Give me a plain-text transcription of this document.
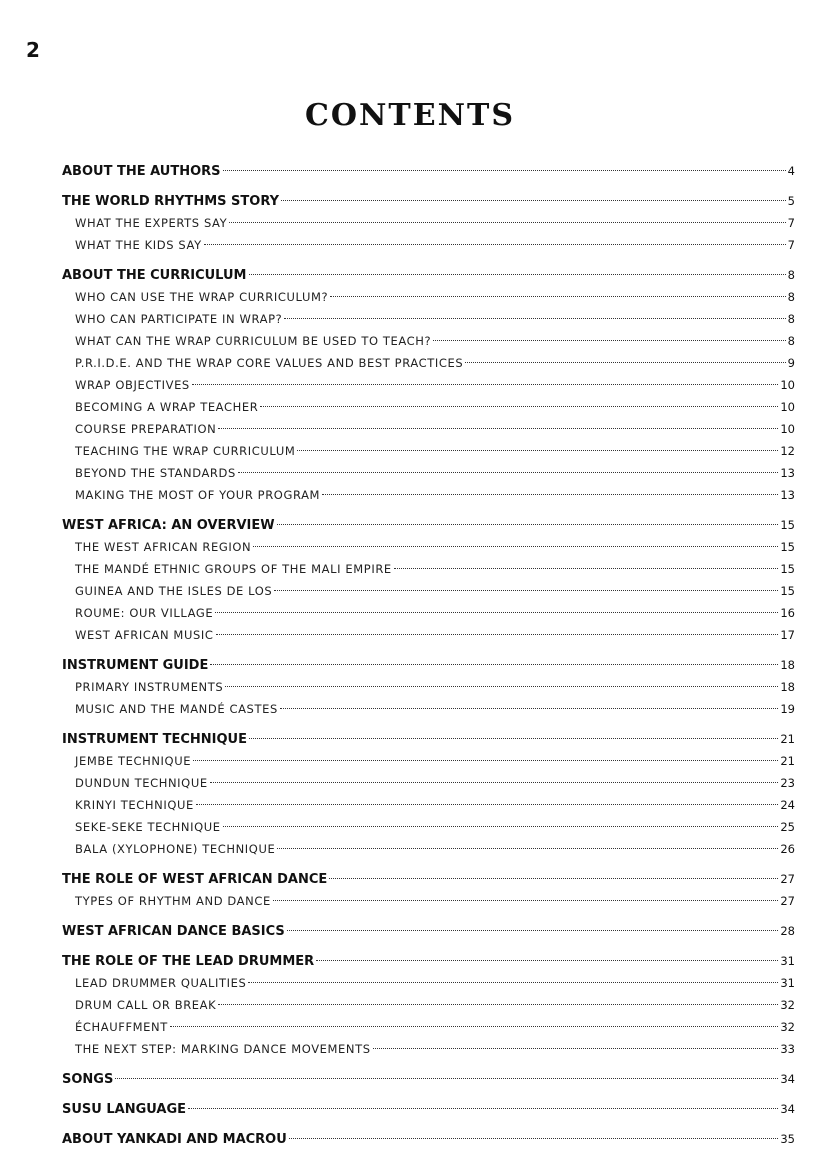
2
CONTENTS
ABOUT THE AUTHORS	4
THE WORLD RHYTHMS STORY	5
WHAT THE EXPERTS SAY	7
WHAT THE KIDS SAY	7
ABOUT THE CURRICULUM	8
WHO CAN USE THE WRAP CURRICULUM?	8
WHO CAN PARTICIPATE IN WRAP?	8
WHAT CAN THE WRAP CURRICULUM BE USED TO TEACH?	8
P.R.I.D.E. AND THE WRAP CORE VALUES AND BEST PRACTICES	9
WRAP OBJECTIVES	10
BECOMING A WRAP TEACHER	10
COURSE PREPARATION	10
TEACHING THE WRAP CURRICULUM	12
BEYOND THE STANDARDS	13
MAKING THE MOST OF YOUR PROGRAM	13
WEST AFRICA: AN OVERVIEW	15
THE WEST AFRICAN REGION	15
THE MANDÉ ETHNIC GROUPS OF THE MALI EMPIRE	15
GUINEA AND THE ISLES DE LOS	15
ROUME: OUR VILLAGE	16
WEST AFRICAN MUSIC	17
INSTRUMENT GUIDE	18
PRIMARY INSTRUMENTS	18
MUSIC AND THE MANDÉ CASTES	19
INSTRUMENT TECHNIQUE	21
JEMBE TECHNIQUE	21
DUNDUN TECHNIQUE	23
KRINYI TECHNIQUE	24
SEKE-SEKE TECHNIQUE	25
BALA (XYLOPHONE) TECHNIQUE	26
THE ROLE OF WEST AFRICAN DANCE	27
TYPES OF RHYTHM AND DANCE	27
WEST AFRICAN DANCE BASICS	28
THE ROLE OF THE LEAD DRUMMER	31
LEAD DRUMMER QUALITIES	31
DRUM CALL OR BREAK	32
ÉCHAUFFMENT	32
THE NEXT STEP: MARKING DANCE MOVEMENTS	33
SONGS	34
SUSU LANGUAGE	34
ABOUT YANKADI AND MACROU	35
